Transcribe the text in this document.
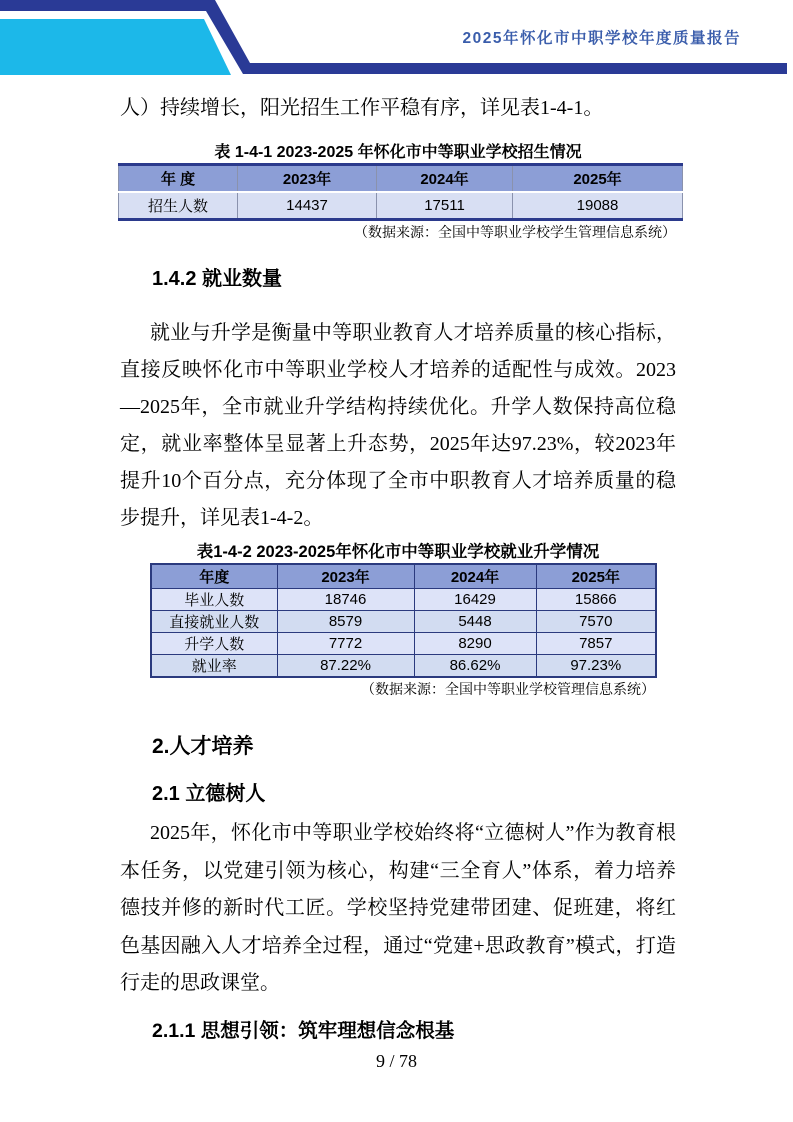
2025年怀化市中职学校年度质量报告

人）持续增长，阳光招生工作平稳有序，详见表1-4-1。

表 1-4-1 2023-2025 年怀化市中等职业学校招生情况
年 度	2023年	2024年	2025年
招生人数	14437	17511	19088
（数据来源：全国中等职业学校学生管理信息系统）
1.4.2 就业数量

就业与升学是衡量中等职业教育人才培养质量的核心指标，直接反映怀化市中等职业学校人才培养的适配性与成效。2023—2025年，全市就业升学结构持续优化。升学人数保持高位稳定，就业率整体呈显著上升态势，2025年达97.23%，较2023年提升10个百分点，充分体现了全市中职教育人才培养质量的稳步提升，详见表1-4-2。

表1-4-2 2023-2025年怀化市中等职业学校就业升学情况
年度	2023年	2024年	2025年
毕业人数	18746	16429	15866
直接就业人数	8579	5448	7570
升学人数	7772	8290	7857
就业率	87.22%	86.62%	97.23%
（数据来源：全国中等职业学校管理信息系统）
2.人才培养
2.1 立德树人

2025年，怀化市中等职业学校始终将“立德树人”作为教育根本任务，以党建引领为核心，构建“三全育人”体系，着力培养德技并修的新时代工匠。学校坚持党建带团建、促班建，将红色基因融入人才培养全过程，通过“党建+思政教育”模式，打造行走的思政课堂。

2.1.1 思想引领：筑牢理想信念根基
9 / 78
